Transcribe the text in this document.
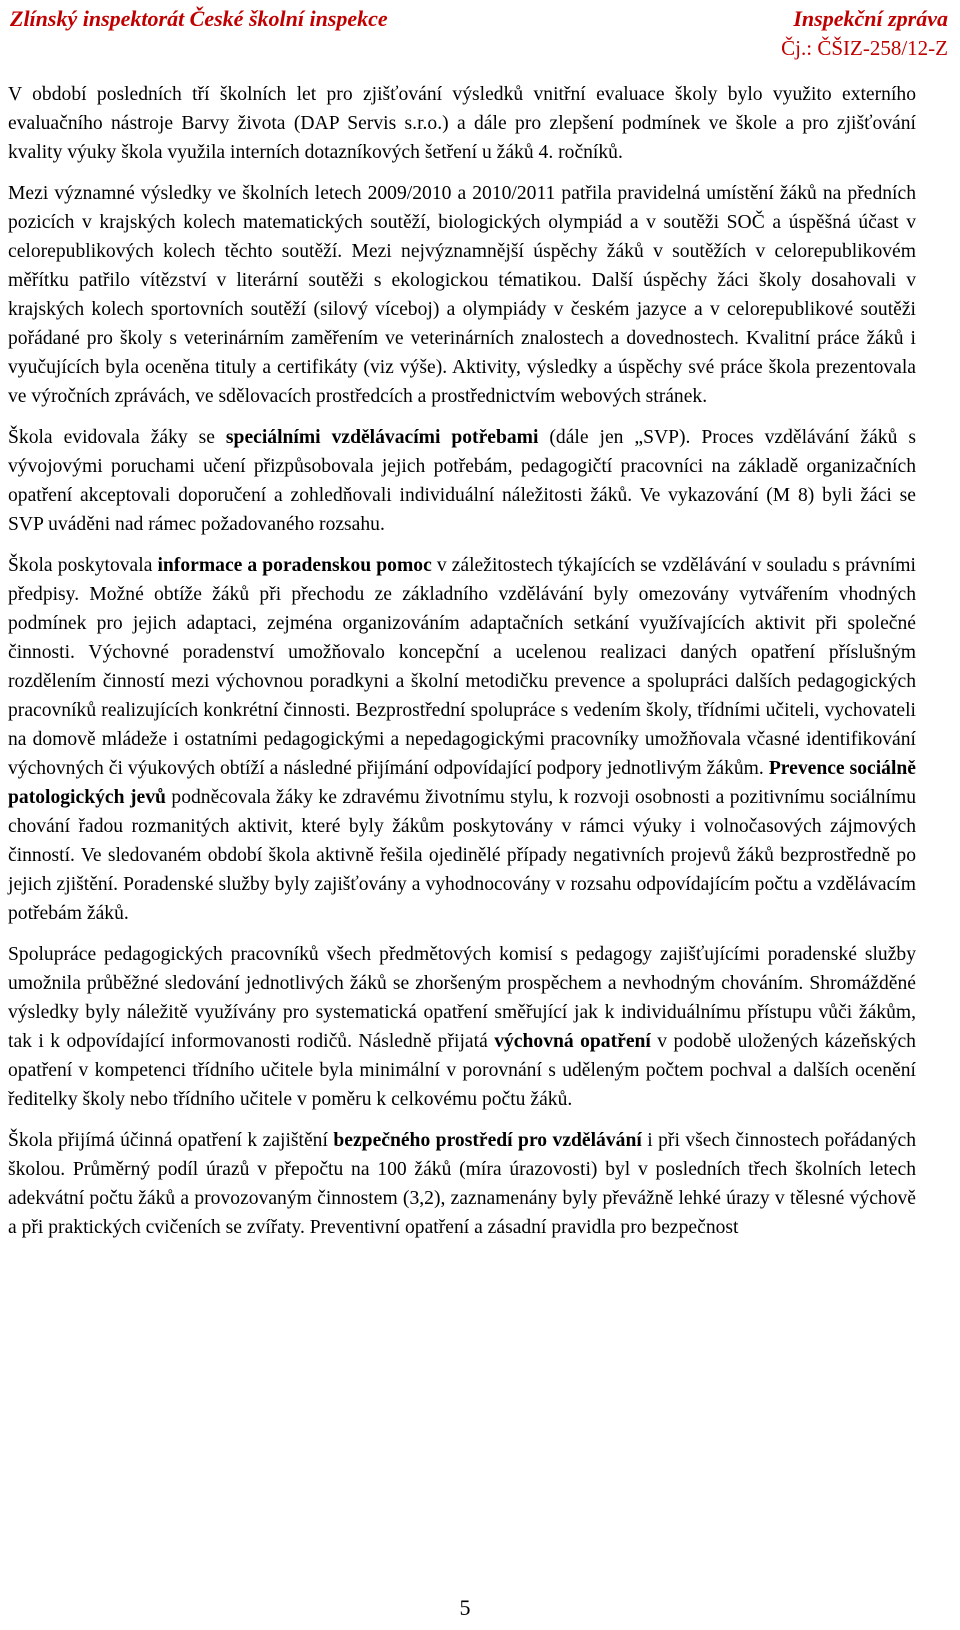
Zlínský inspektorát České školní inspekce	Inspekční zpráva
Čj.: ČŠIZ-258/12-Z

V období posledních tří školních let pro zjišťování výsledků vnitřní evaluace školy bylo využito externího evaluačního nástroje Barvy života (DAP Servis s.r.o.) a dále pro zlepšení podmínek ve škole a pro zjišťování kvality výuky škola využila interních dotazníkových šetření u žáků 4. ročníků.

Mezi významné výsledky ve školních letech 2009/2010 a 2010/2011 patřila pravidelná umístění žáků na předních pozicích v krajských kolech matematických soutěží, biologických olympiád a v soutěži SOČ a úspěšná účast v celorepublikových kolech těchto soutěží. Mezi nejvýznamnější úspěchy žáků v soutěžích v celorepublikovém měřítku patřilo vítězství v literární soutěži s ekologickou tématikou. Další úspěchy žáci školy dosahovali v krajských kolech sportovních soutěží (silový víceboj) a olympiády v českém jazyce a v celorepublikové soutěži pořádané pro školy s veterinárním zaměřením ve veterinárních znalostech a dovednostech. Kvalitní práce žáků i vyučujících byla oceněna tituly a certifikáty (viz výše). Aktivity, výsledky a úspěchy své práce škola prezentovala ve výročních zprávách, ve sdělovacích prostředcích a prostřednictvím webových stránek.

Škola evidovala žáky se speciálními vzdělávacími potřebami (dále jen „SVP). Proces vzdělávání žáků s vývojovými poruchami učení přizpůsobovala jejich potřebám, pedagogičtí pracovníci na základě organizačních opatření akceptovali doporučení a zohledňovali individuální náležitosti žáků. Ve vykazování (M 8) byli žáci se SVP uváděni nad rámec požadovaného rozsahu.

Škola poskytovala informace a poradenskou pomoc v záležitostech týkajících se vzdělávání v souladu s právními předpisy. Možné obtíže žáků při přechodu ze základního vzdělávání byly omezovány vytvářením vhodných podmínek pro jejich adaptaci, zejména organizováním adaptačních setkání využívajících aktivit při společné činnosti. Výchovné poradenství umožňovalo koncepční a ucelenou realizaci daných opatření příslušným rozdělením činností mezi výchovnou poradkyni a školní metodičku prevence a spolupráci dalších pedagogických pracovníků realizujících konkrétní činnosti. Bezprostřední spolupráce s vedením školy, třídními učiteli, vychovateli na domově mládeže i ostatními pedagogickými a nepedagogickými pracovníky umožňovala včasné identifikování výchovných či výukových obtíží a následné přijímání odpovídající podpory jednotlivým žákům. Prevence sociálně patologických jevů podněcovala žáky ke zdravému životnímu stylu, k rozvoji osobnosti a pozitivnímu sociálnímu chování řadou rozmanitých aktivit, které byly žákům poskytovány v rámci výuky i volnočasových zájmových činností. Ve sledovaném období škola aktivně řešila ojedinělé případy negativních projevů žáků bezprostředně po jejich zjištění. Poradenské služby byly zajišťovány a vyhodnocovány v rozsahu odpovídajícím počtu a vzdělávacím potřebám žáků.

Spolupráce pedagogických pracovníků všech předmětových komisí s pedagogy zajišťujícími poradenské služby umožnila průběžné sledování jednotlivých žáků se zhoršeným prospěchem a nevhodným chováním. Shromážděné výsledky byly náležitě využívány pro systematická opatření směřující jak k individuálnímu přístupu vůči žákům, tak i k odpovídající informovanosti rodičů. Následně přijatá výchovná opatření v podobě uložených kázeňských opatření v kompetenci třídního učitele byla minimální v porovnání s uděleným počtem pochval a dalších ocenění ředitelky školy nebo třídního učitele v poměru k celkovému počtu žáků.

Škola přijímá účinná opatření k zajištění bezpečného prostředí pro vzdělávání i při všech činnostech pořádaných školou. Průměrný podíl úrazů v přepočtu na 100 žáků (míra úrazovosti) byl v posledních třech školních letech adekvátní počtu žáků a provozovaným činnostem (3,2), zaznamenány byly převážně lehké úrazy v tělesné výchově a při praktických cvičeních se zvířaty. Preventivní opatření a zásadní pravidla pro bezpečnost

5
